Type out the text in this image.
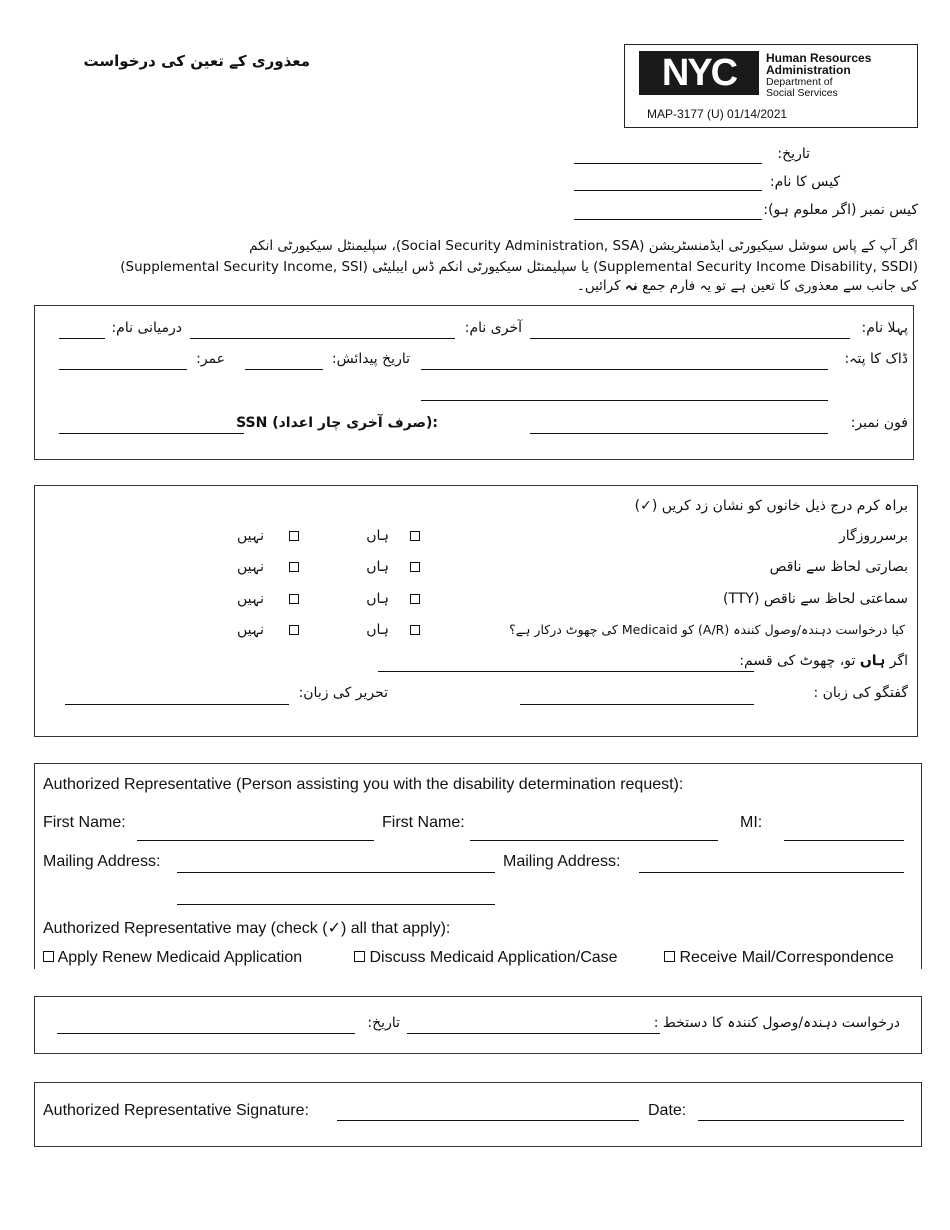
معذوری کے تعین کی درخواست	NYC	Human Resources
Administration
Department of
Social Services
MAP-3177 (U) 01/14/2021
تاریخ:
کیس کا نام:
کیس نمبر (اگر معلوم ہو):
اگر آپ کے پاس سوشل سیکیورٹی ایڈمنسٹریشن (Social Security Administration, SSA)، سپلیمنٹل سیکیورٹی انکم
(Supplemental Security Income, SSI) یا سپلیمنٹل سیکیورٹی انکم ڈس ایبلیٹی (Supplemental Security Income Disability, SSDI)
کی جانب سے معذوری کا تعین ہے تو یہ فارم جمع نہ کرائیں۔
پہلا نام:
آخری نام:
درمیانی نام:
ڈاک کا پتہ:
تاریخ پیدائش:
عمر:
فون نمبر:
SSN (صرف آخری چار اعداد):
براہ کرم درج ذیل خانوں کو نشان زد کریں (✓)
برسرروزگار
ہاں
نہیں
بصارتی لحاظ سے ناقص
ہاں
نہیں
سماعتی لحاظ سے ناقص (TTY)
ہاں
نہیں
کیا درخواست دہندہ/وصول کنندہ (A/R) کو Medicaid کی چھوٹ درکار ہے؟
ہاں
نہیں
اگر ہاں تو، چھوٹ کی قسم:
گفتگو کی زبان :
تحریر کی زبان:
Authorized Representative (Person assisting you with the disability determination request):
First Name:	First Name:	MI:
Mailing Address:	Mailing Address:
Authorized Representative may (check (✓) all that apply):
Apply Renew Medicaid Application	Discuss Medicaid Application/Case	Receive Mail/Correspondence
درخواست دہندہ/وصول کنندہ کا دستخط :
تاریخ:
Authorized Representative Signature:	Date:
